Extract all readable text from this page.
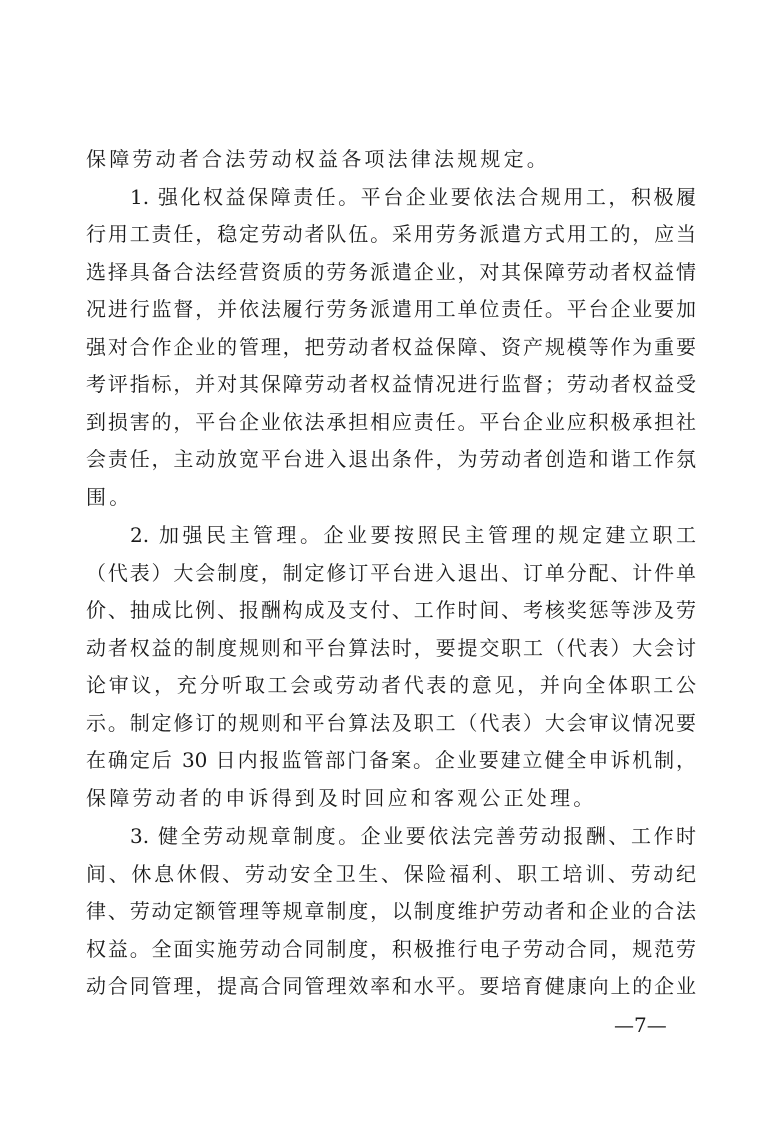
保障劳动者合法劳动权益各项法律法规规定。
1. 强化权益保障责任。平台企业要依法合规用工，积极履
行用工责任，稳定劳动者队伍。采用劳务派遣方式用工的，应当
选择具备合法经营资质的劳务派遣企业，对其保障劳动者权益情
况进行监督，并依法履行劳务派遣用工单位责任。平台企业要加
强对合作企业的管理，把劳动者权益保障、资产规模等作为重要
考评指标，并对其保障劳动者权益情况进行监督；劳动者权益受
到损害的，平台企业依法承担相应责任。平台企业应积极承担社
会责任，主动放宽平台进入退出条件，为劳动者创造和谐工作氛
围。
2. 加强民主管理。企业要按照民主管理的规定建立职工
（代表）大会制度，制定修订平台进入退出、订单分配、计件单
价、抽成比例、报酬构成及支付、工作时间、考核奖惩等涉及劳
动者权益的制度规则和平台算法时，要提交职工（代表）大会讨
论审议，充分听取工会或劳动者代表的意见，并向全体职工公
示。制定修订的规则和平台算法及职工（代表）大会审议情况要
在确定后 30 日内报监管部门备案。企业要建立健全申诉机制，
保障劳动者的申诉得到及时回应和客观公正处理。
3. 健全劳动规章制度。企业要依法完善劳动报酬、工作时
间、休息休假、劳动安全卫生、保险福利、职工培训、劳动纪
律、劳动定额管理等规章制度，以制度维护劳动者和企业的合法
权益。全面实施劳动合同制度，积极推行电子劳动合同，规范劳
动合同管理，提高合同管理效率和水平。要培育健康向上的企业
—7—
